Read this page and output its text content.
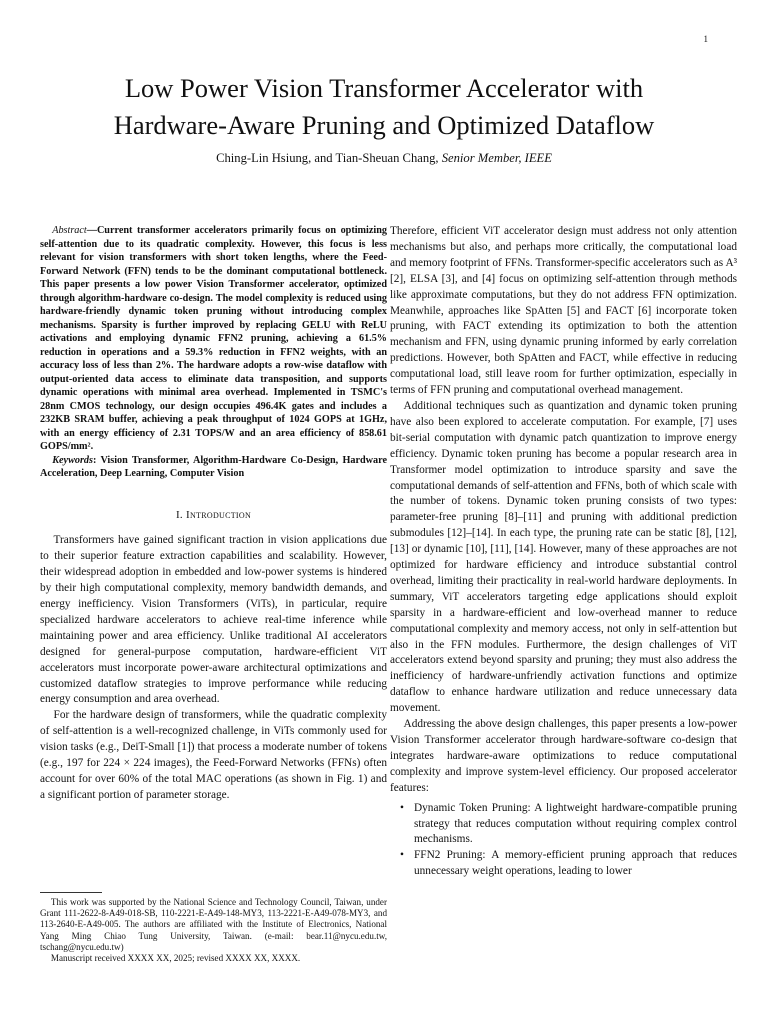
1
Low Power Vision Transformer Accelerator with
Hardware-Aware Pruning and Optimized Dataflow
Ching-Lin Hsiung, and Tian-Sheuan Chang, Senior Member, IEEE

Abstract—Current transformer accelerators primarily focus on optimizing self-attention due to its quadratic complexity. However, this focus is less relevant for vision transformers with short token lengths, where the Feed-Forward Network (FFN) tends to be the dominant computational bottleneck. This paper presents a low power Vision Transformer accelerator, optimized through algorithm-hardware co-design. The model complexity is reduced using hardware-friendly dynamic token pruning without introducing complex mechanisms. Sparsity is further improved by replacing GELU with ReLU activations and employing dynamic FFN2 pruning, achieving a 61.5% reduction in operations and a 59.3% reduction in FFN2 weights, with an accuracy loss of less than 2%. The hardware adopts a row-wise dataflow with output-oriented data access to eliminate data transposition, and supports dynamic operations with minimal area overhead. Implemented in TSMC's 28nm CMOS technology, our design occupies 496.4K gates and includes a 232KB SRAM buffer, achieving a peak throughput of 1024 GOPS at 1GHz, with an energy efficiency of 2.31 TOPS/W and an area efficiency of 858.61 GOPS/mm².

Keywords: Vision Transformer, Algorithm-Hardware Co-Design, Hardware Acceleration, Deep Learning, Computer Vision

I. Introduction

Transformers have gained significant traction in vision applications due to their superior feature extraction capabilities and scalability. However, their widespread adoption in embedded and low-power systems is hindered by their high computational complexity, memory bandwidth demands, and energy inefficiency. Vision Transformers (ViTs), in particular, require specialized hardware accelerators to achieve real-time inference while maintaining power and area efficiency. Unlike traditional AI accelerators designed for general-purpose computation, hardware-efficient ViT accelerators must incorporate power-aware architectural optimizations and customized dataflow strategies to improve performance while reducing energy consumption and area overhead.

For the hardware design of transformers, while the quadratic complexity of self-attention is a well-recognized challenge, in ViTs commonly used for vision tasks (e.g., DeiT-Small [1]) that process a moderate number of tokens (e.g., 197 for 224 × 224 images), the Feed-Forward Networks (FFNs) often account for over 60% of the total MAC operations (as shown in Fig. 1) and a significant portion of parameter storage.

This work was supported by the National Science and Technology Council, Taiwan, under Grant 111-2622-8-A49-018-SB, 110-2221-E-A49-148-MY3, 113-2221-E-A49-078-MY3, and 113-2640-E-A49-005. The authors are affiliated with the Institute of Electronics, National Yang Ming Chiao Tung University, Taiwan. (e-mail: bear.11@nycu.edu.tw, tschang@nycu.edu.tw)

Manuscript received XXXX XX, 2025; revised XXXX XX, XXXX.

Therefore, efficient ViT accelerator design must address not only attention mechanisms but also, and perhaps more critically, the computational load and memory footprint of FFNs. Transformer-specific accelerators such as A³ [2], ELSA [3], and [4] focus on optimizing self-attention through methods like approximate computations, but they do not address FFN optimization. Meanwhile, approaches like SpAtten [5] and FACT [6] incorporate token pruning, with FACT extending its optimization to both the attention mechanism and FFN, using dynamic pruning informed by early correlation predictions. However, both SpAtten and FACT, while effective in reducing computational load, still leave room for further optimization, especially in terms of FFN pruning and computational overhead management.

Additional techniques such as quantization and dynamic token pruning have also been explored to accelerate computation. For example, [7] uses bit-serial computation with dynamic patch quantization to improve energy efficiency. Dynamic token pruning has become a popular research area in Transformer model optimization to introduce sparsity and save the computational demands of self-attention and FFNs, both of which scale with the number of tokens. Dynamic token pruning consists of two types: parameter-free pruning [8]–[11] and pruning with additional prediction submodules [12]–[14]. In each type, the pruning rate can be static [8], [12], [13] or dynamic [10], [11], [14]. However, many of these approaches are not optimized for hardware efficiency and introduce substantial control overhead, limiting their practicality in real-world hardware deployments. In summary, ViT accelerators targeting edge applications should exploit sparsity in a hardware-efficient and low-overhead manner to reduce computational complexity and memory access, not only in self-attention but also in the FFN modules. Furthermore, the design challenges of ViT accelerators extend beyond sparsity and pruning; they must also address the inefficiency of hardware-unfriendly activation functions and optimize dataflow to enhance hardware utilization and reduce unnecessary data movement.

Addressing the above design challenges, this paper presents a low-power Vision Transformer accelerator through hardware-software co-design that integrates hardware-aware optimizations to reduce computational complexity and improve system-level efficiency. Our proposed accelerator features:

• Dynamic Token Pruning: A lightweight hardware-compatible pruning strategy that reduces computation without requiring complex control mechanisms.
• FFN2 Pruning: A memory-efficient pruning approach that reduces unnecessary weight operations, leading to lower
